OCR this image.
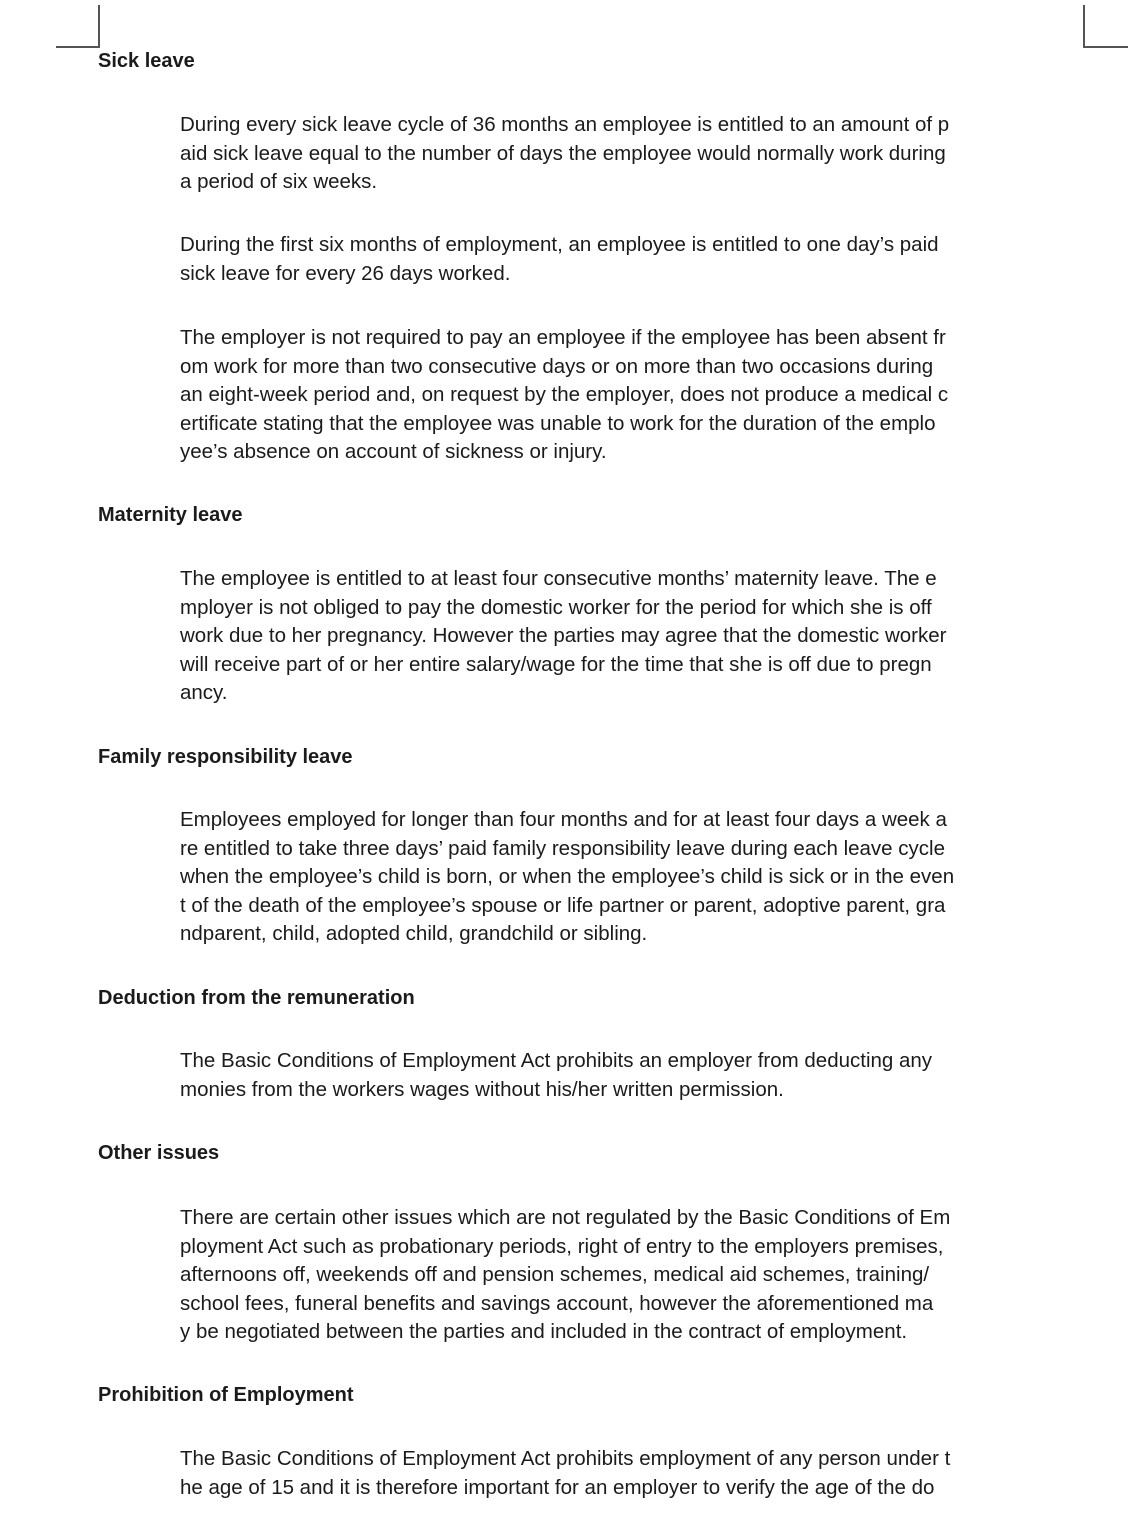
Sick leave

During every sick leave cycle of 36 months an employee is entitled to an amount of p
aid sick leave equal to the number of days the employee would normally work during
a period of six weeks.

During the first six months of employment, an employee is entitled to one day’s paid
sick leave for every 26 days worked.

The employer is not required to pay an employee if the employee has been absent fr
om work for more than two consecutive days or on more than two occasions during
an eight-week period and, on request by the employer, does not produce a medical c
ertificate stating that the employee was unable to work for the duration of the emplo
yee’s absence on account of sickness or injury.

Maternity leave

The employee is entitled to at least four consecutive months’ maternity leave. The e
mployer is not obliged to pay the domestic worker for the period for which she is off
work due to her pregnancy. However the parties may agree that the domestic worker
will receive part of or her entire salary/wage for the time that she is off due to pregn
ancy.

Family responsibility leave

Employees employed for longer than four months and for at least four days a week a
re entitled to take three days’ paid family responsibility leave during each leave cycle
when the employee’s child is born, or when the employee’s child is sick or in the even
t of the death of the employee’s spouse or life partner or parent, adoptive parent, gra
ndparent, child, adopted child, grandchild or sibling.

Deduction from the remuneration

The Basic Conditions of Employment Act prohibits an employer from deducting any
monies from the workers wages without his/her written permission.

Other issues

There are certain other issues which are not regulated by the Basic Conditions of Em
ployment Act such as probationary periods, right of entry to the employers premises,
afternoons off, weekends off and pension schemes, medical aid schemes, training/
school fees, funeral benefits and savings account, however the aforementioned ma
y be negotiated between the parties and included in the contract of employment.

Prohibition of Employment

The Basic Conditions of Employment Act prohibits employment of any person under t
he age of 15 and it is therefore important for an employer to verify the age of the do
